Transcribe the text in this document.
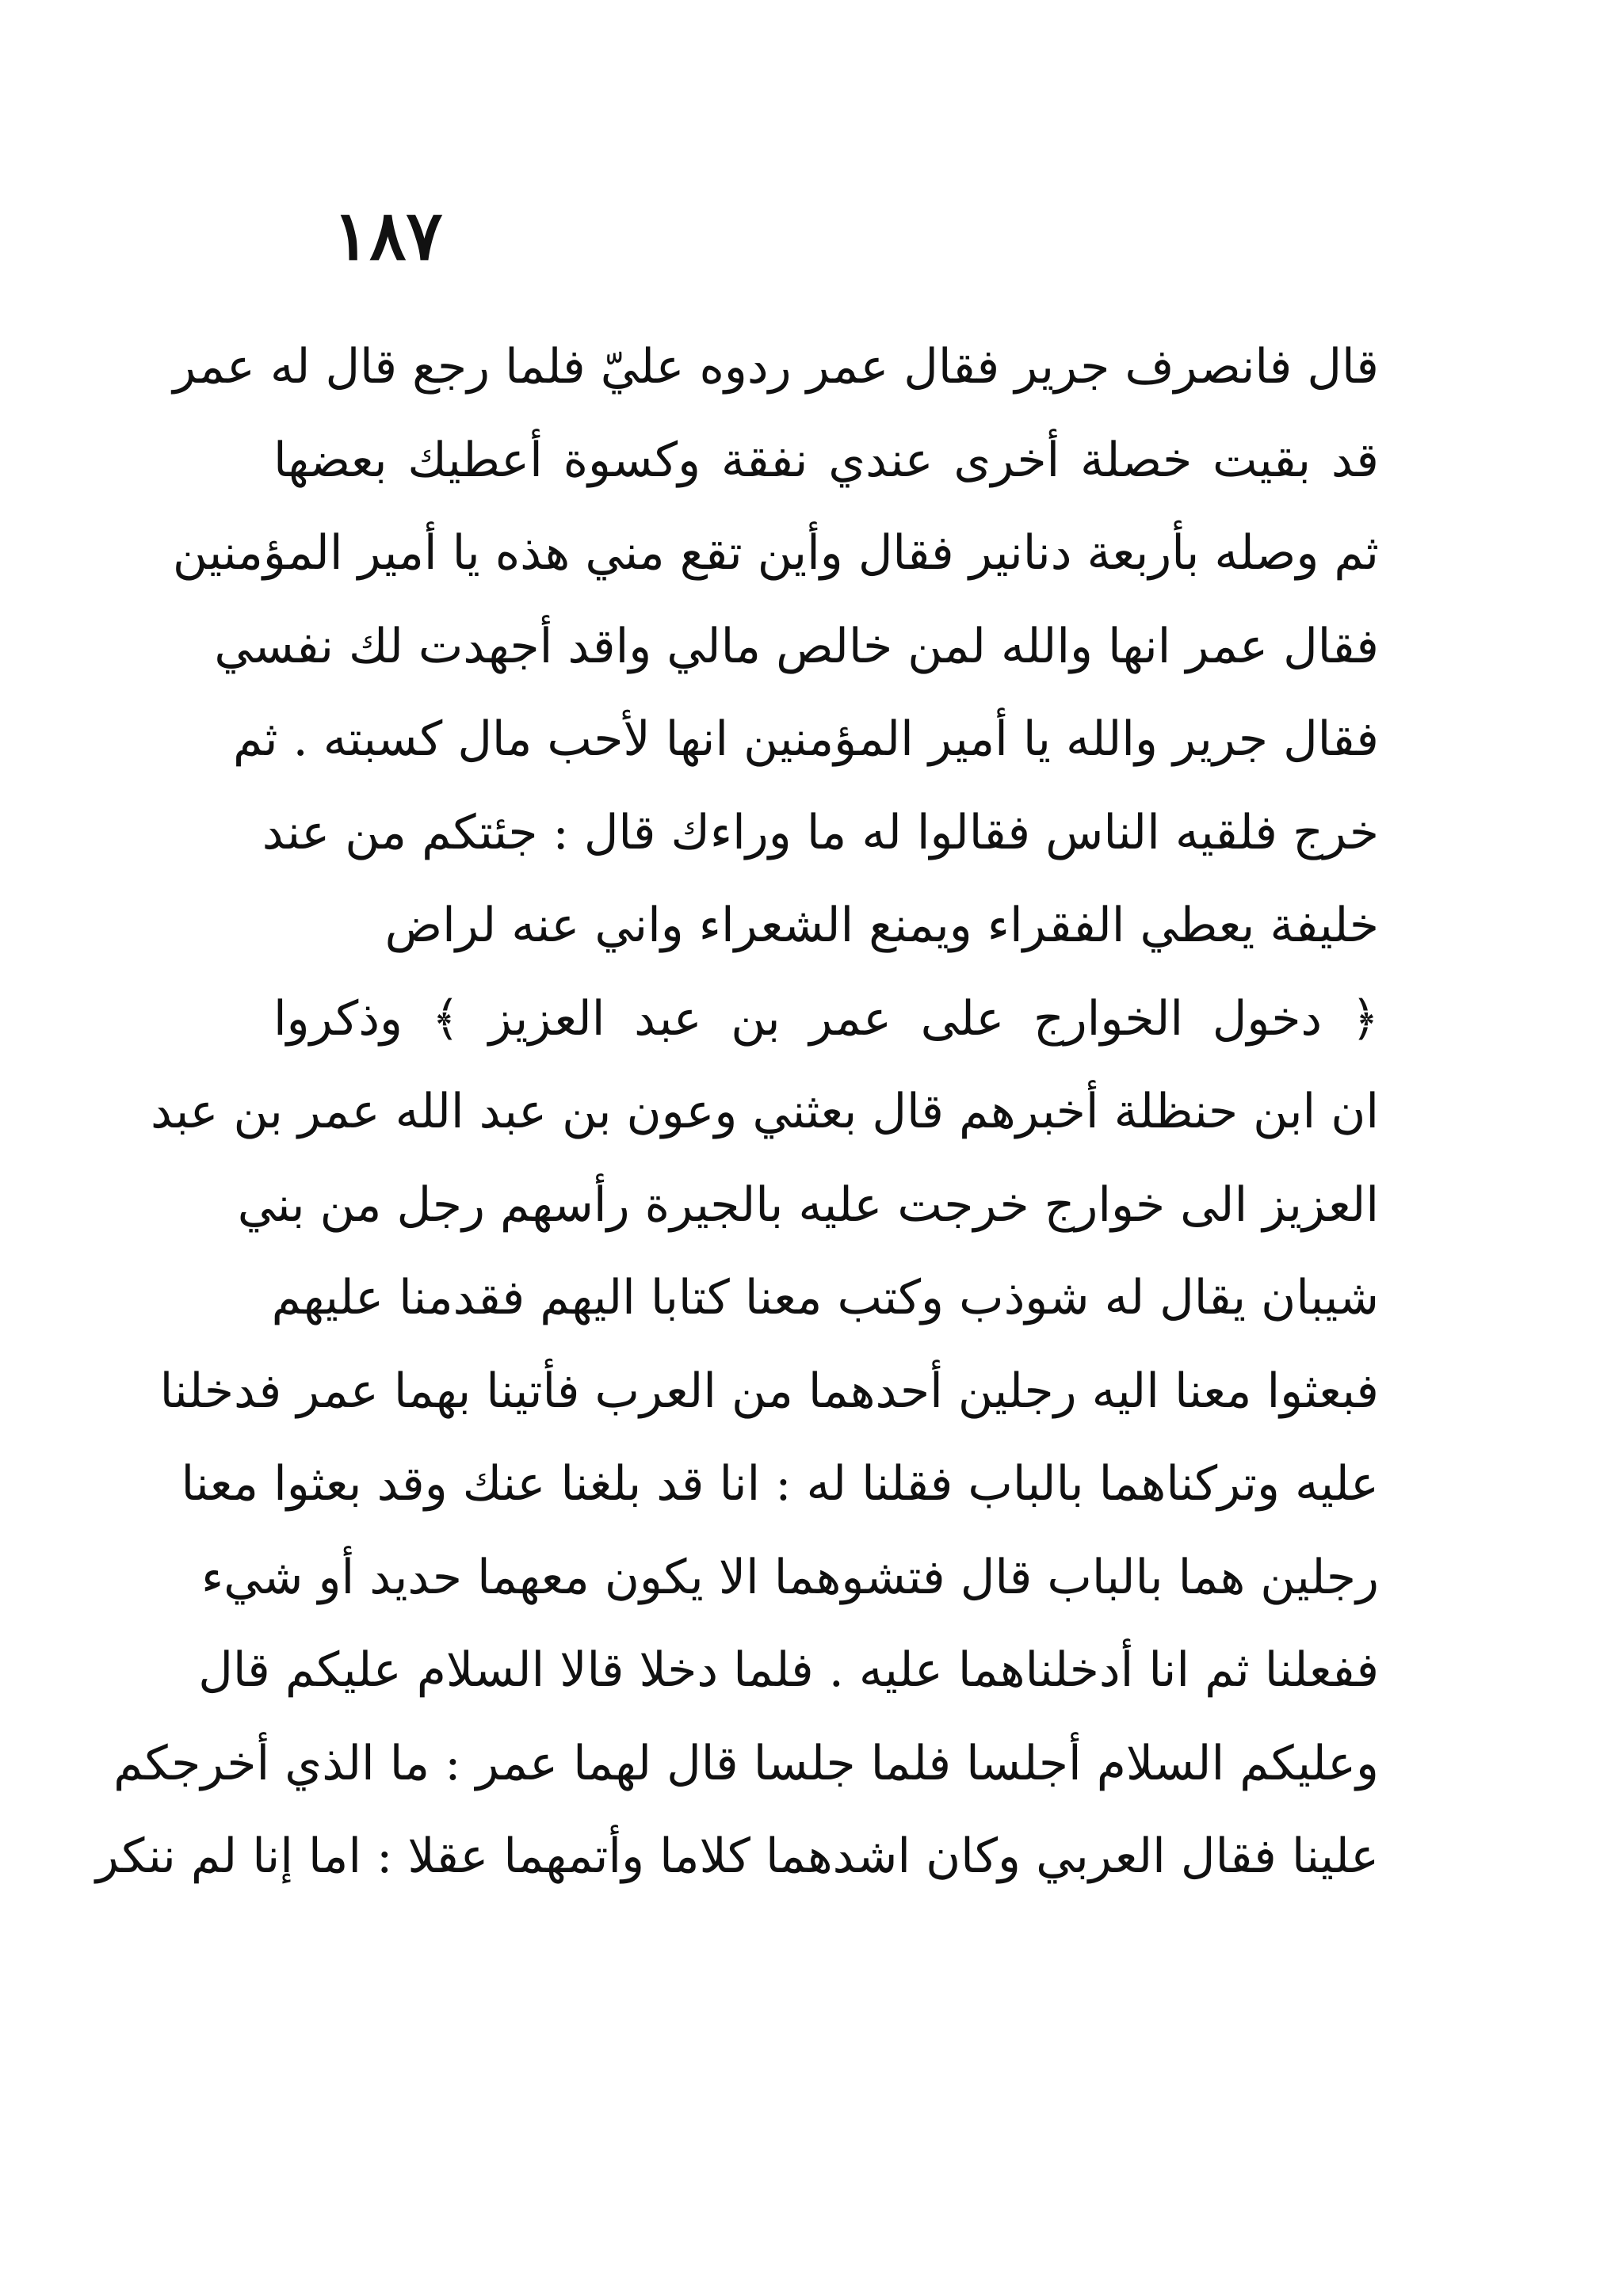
١٨٧
قال فانصرف جرير فقال عمر ردوه عليّ فلما رجع قال له عمر
قد بقيت خصلة أخرى عندي نفقة وكسوة أعطيك بعضها
ثم وصله بأربعة دنانير فقال وأين تقع مني هذه يا أمير المؤمنين
فقال عمر انها والله لمن خالص مالي واقد أجهدت لك نفسي
فقال جرير والله يا أمير المؤمنين انها لأحب مال كسبته . ثم
خرج فلقيه الناس فقالوا له ما وراءك قال : جئتكم من عند
خليفة يعطي الفقراء ويمنع الشعراء واني عنه لراض
﴿ دخول الخوارج على عمر بن عبد العزيز ﴾ وذكروا
ان ابن حنظلة أخبرهم قال بعثني وعون بن عبد الله عمر بن عبد
العزيز الى خوارج خرجت عليه بالجيرة رأسهم رجل من بني
شيبان يقال له شوذب وكتب معنا كتابا اليهم فقدمنا عليهم
فبعثوا معنا اليه رجلين أحدهما من العرب فأتينا بهما عمر فدخلنا
عليه وتركناهما بالباب فقلنا له : انا قد بلغنا عنك وقد بعثوا معنا
رجلين هما بالباب قال فتشوهما الا يكون معهما حديد أو شيء
ففعلنا ثم انا أدخلناهما عليه . فلما دخلا قالا السلام عليكم قال
وعليكم السلام أجلسا فلما جلسا قال لهما عمر : ما الذي أخرجكم
علينا فقال العربي وكان اشدهما كلاما وأتمهما عقلا : اما إنا لم ننكر
